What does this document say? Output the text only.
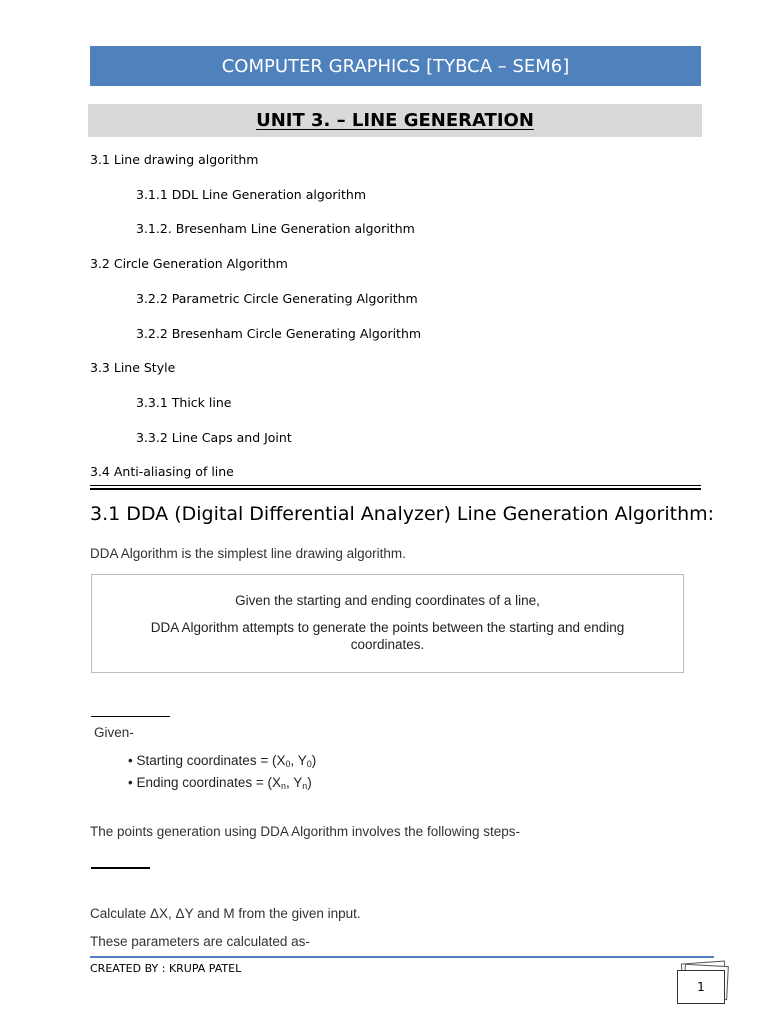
COMPUTER GRAPHICS [TYBCA – SEM6]
UNIT 3. – LINE GENERATION
3.1 Line drawing algorithm
3.1.1 DDL Line Generation algorithm
3.1.2. Bresenham Line Generation algorithm
3.2 Circle Generation Algorithm
3.2.2 Parametric Circle Generating Algorithm
3.2.2 Bresenham Circle Generating Algorithm
3.3 Line Style
3.3.1 Thick line
3.3.2 Line Caps and Joint
3.4 Anti-aliasing of line
3.1 DDA (Digital Differential Analyzer) Line Generation Algorithm:
DDA Algorithm is the simplest line drawing algorithm.
Given the starting and ending coordinates of a line,
DDA Algorithm attempts to generate the points between the starting and ending
coordinates.
Given-
• Starting coordinates = ($X_0$, $Y_0$)
• Ending coordinates = ($X_n$, $Y_n$)
The points generation using DDA Algorithm involves the following steps-
Calculate ΔX, ΔY and M from the given input.
These parameters are calculated as-
CREATED BY : KRUPA PATEL
1
